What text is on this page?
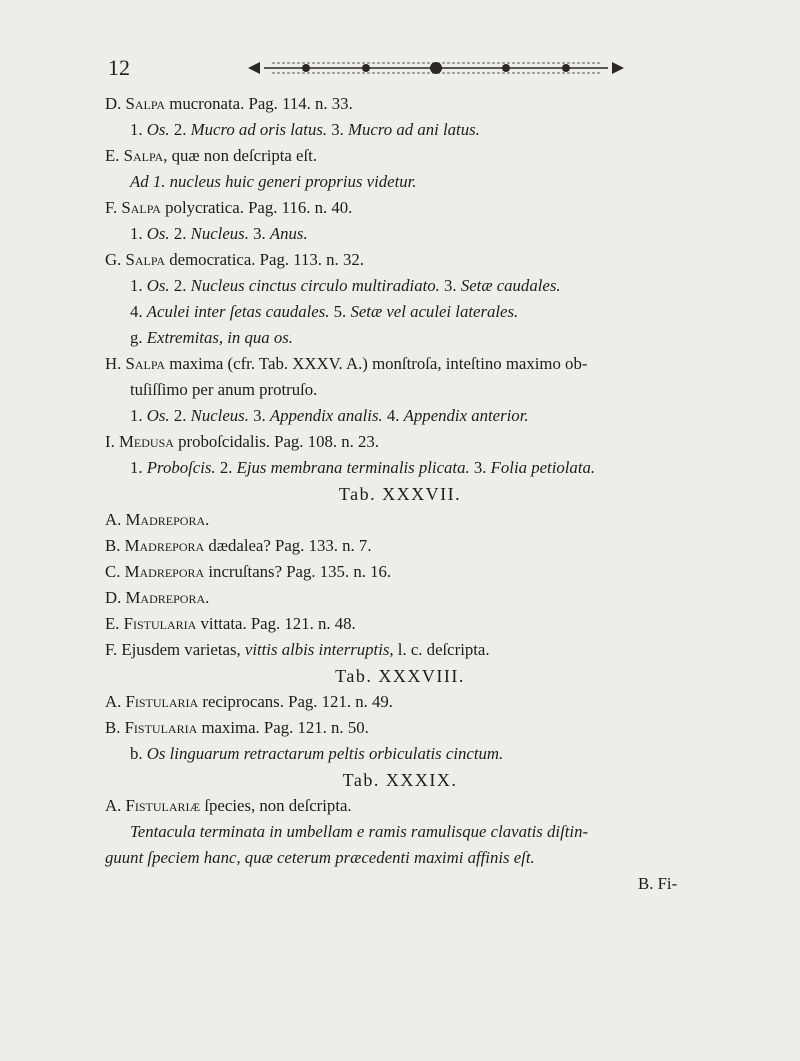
12
D. Salpa mucronata. Pag. 114. n. 33.
1. Os. 2. Mucro ad oris latus. 3. Mucro ad ani latus.
E. Salpa, quæ non deſcripta eſt.
Ad 1. nucleus huic generi proprius videtur.
F. Salpa polycratica. Pag. 116. n. 40.
1. Os. 2. Nucleus. 3. Anus.
G. Salpa democratica. Pag. 113. n. 32.
1. Os. 2. Nucleus cinctus circulo multiradiato. 3. Setæ caudales.
4. Aculei inter ſetas caudales. 5. Setæ vel aculei laterales.
g. Extremitas, in qua os.
H. Salpa maxima (cfr. Tab. XXXV. A.) monſtroſa, inteſtino maximo ob-
tuſiſſimo per anum protruſo.
1. Os. 2. Nucleus. 3. Appendix analis. 4. Appendix anterior.
I. Medusa proboſcidalis. Pag. 108. n. 23.
1. Proboſcis. 2. Ejus membrana terminalis plicata. 3. Folia petiolata.
Tab. XXXVII.
A. Madrepora.
B. Madrepora dædalea? Pag. 133. n. 7.
C. Madrepora incruſtans? Pag. 135. n. 16.
D. Madrepora.
E. Fistularia vittata. Pag. 121. n. 48.
F. Ejusdem varietas, vittis albis interruptis, l. c. deſcripta.
Tab. XXXVIII.
A. Fistularia reciprocans. Pag. 121. n. 49.
B. Fistularia maxima. Pag. 121. n. 50.
b. Os linguarum retractarum peltis orbiculatis cinctum.
Tab. XXXIX.
A. Fistulariæ ſpecies, non deſcripta.
Tentacula terminata in umbellam e ramis ramulisque clavatis diſtin-
guunt ſpeciem hanc, quæ ceterum præcedenti maximi affinis eſt.
B. Fi-
